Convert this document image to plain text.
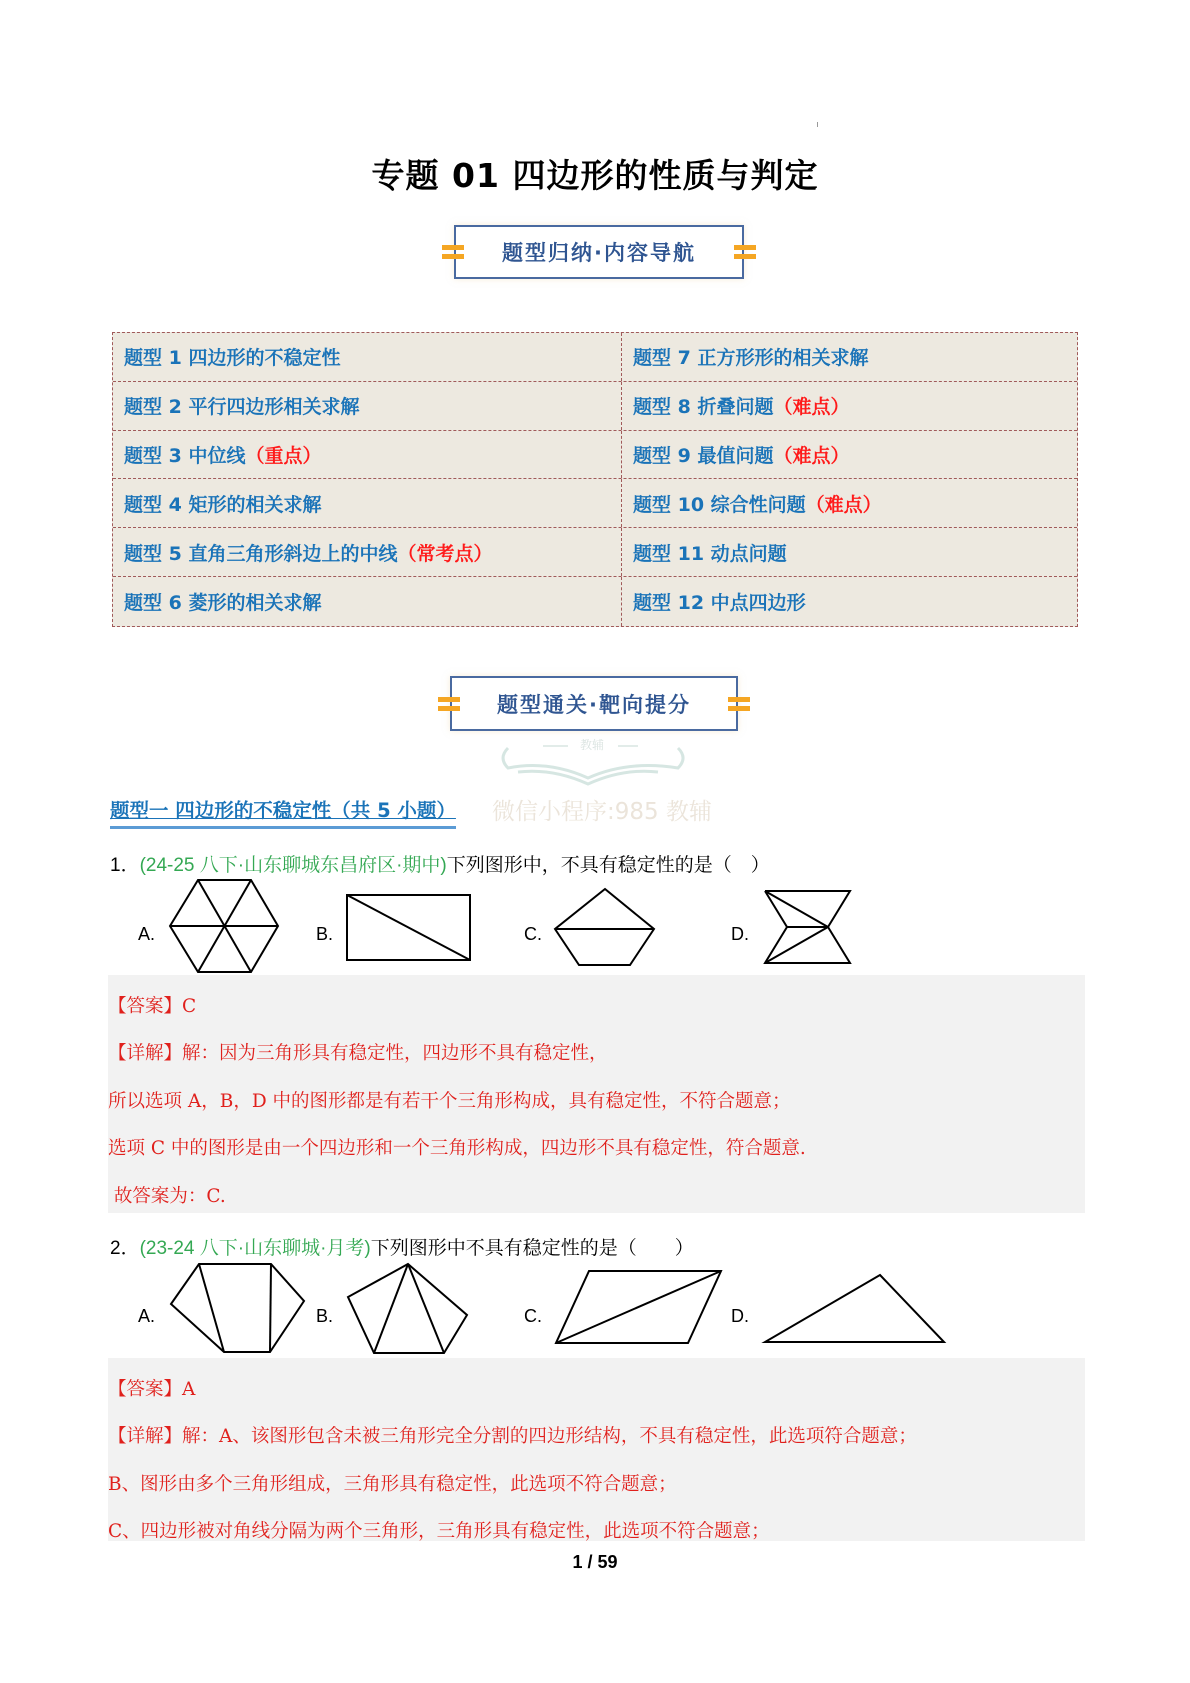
专题 01 四边形的性质与判定
题型归纳·内容导航
题型 1 四边形的不稳定性	题型 7 正方形形的相关求解
题型 2 平行四边形相关求解	题型 8 折叠问题 （难点）
题型 3 中位线 （重点）	题型 9 最值问题 （难点）
题型 4 矩形的相关求解	题型 10 综合性问题 （难点）
题型 5 直角三角形斜边上的中线 （常考点）	题型 11 动点问题
题型 6 菱形的相关求解	题型 12 中点四边形
题型通关·靶向提分
教辅
微信小程序:985 教辅
题型一 四边形的不稳定性（共 5 小题）
1．(24-25 八下·山东聊城东昌府区·期中)下列图形中，不具有稳定性的是（　）
A.	B.	C.	D.
【答案】C
【详解】解：因为三角形具有稳定性，四边形不具有稳定性，
所以选项 A，B，D 中的图形都是有若干个三角形构成，具有稳定性，不符合题意；
选项 C 中的图形是由一个四边形和一个三角形构成，四边形不具有稳定性，符合题意.
故答案为：C.
2．(23-24 八下·山东聊城·月考)下列图形中不具有稳定性的是（　　）
A.	B.	C.	D.
【答案】A
【详解】解：A、该图形包含未被三角形完全分割的四边形结构，不具有稳定性，此选项符合题意；
B、图形由多个三角形组成，三角形具有稳定性，此选项不符合题意；
C、四边形被对角线分隔为两个三角形，三角形具有稳定性，此选项不符合题意；
1 / 59
